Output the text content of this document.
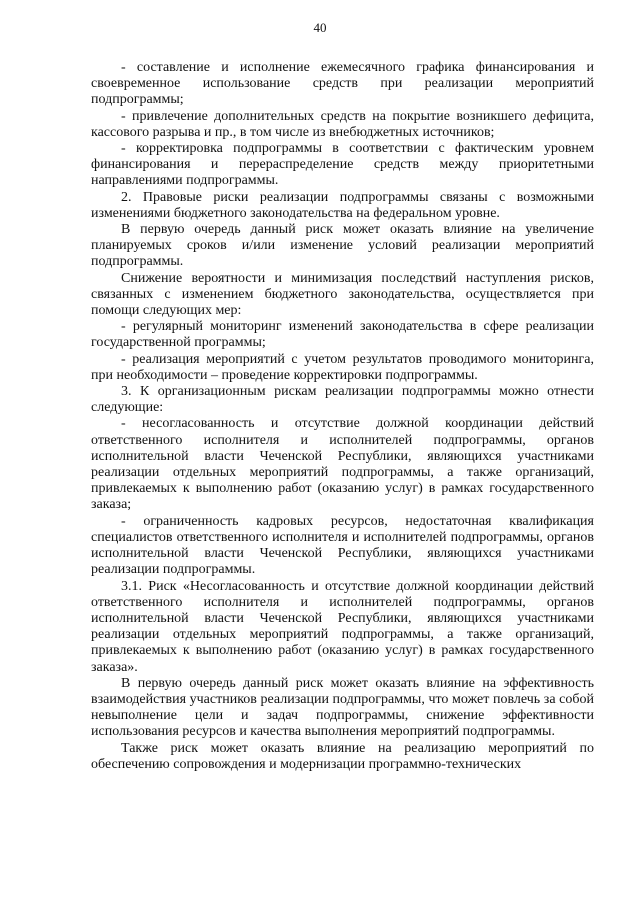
40

- составление и исполнение ежемесячного графика финансирования и своевременное использование средств при реализации мероприятий подпрограммы;

- привлечение дополнительных средств на покрытие возникшего дефицита, кассового разрыва и пр., в том числе из внебюджетных источников;

- корректировка подпрограммы в соответствии с фактическим уровнем финансирования и перераспределение средств между приоритетными направлениями подпрограммы.

2. Правовые риски реализации подпрограммы связаны с возможными изменениями бюджетного законодательства на федеральном уровне.

В первую очередь данный риск может оказать влияние на увеличение планируемых сроков и/или изменение условий реализации мероприятий подпрограммы.

Снижение вероятности и минимизация последствий наступления рисков, связанных с изменением бюджетного законодательства, осуществляется при помощи следующих мер:

- регулярный мониторинг изменений законодательства в сфере реализации государственной программы;

- реализация мероприятий с учетом результатов проводимого мониторинга, при необходимости – проведение корректировки подпрограммы.

3. К организационным рискам реализации подпрограммы можно отнести следующие:

- несогласованность и отсутствие должной координации действий ответственного исполнителя и исполнителей подпрограммы, органов исполнительной власти Чеченской Республики, являющихся участниками реализации отдельных мероприятий подпрограммы, а также организаций, привлекаемых к выполнению работ (оказанию услуг) в рамках государственного заказа;

- ограниченность кадровых ресурсов, недостаточная квалификация специалистов ответственного исполнителя и исполнителей подпрограммы, органов исполнительной власти Чеченской Республики, являющихся участниками реализации подпрограммы.

3.1. Риск «Несогласованность и отсутствие должной координации действий ответственного исполнителя и исполнителей подпрограммы, органов исполнительной власти Чеченской Республики, являющихся участниками реализации отдельных мероприятий подпрограммы, а также организаций, привлекаемых к выполнению работ (оказанию услуг) в рамках государственного заказа».

В первую очередь данный риск может оказать влияние на эффективность взаимодействия участников реализации подпрограммы, что может повлечь за собой невыполнение цели и задач подпрограммы, снижение эффективности использования ресурсов и качества выполнения мероприятий подпрограммы.

Также риск может оказать влияние на реализацию мероприятий по обеспечению сопровождения и модернизации программно-технических
